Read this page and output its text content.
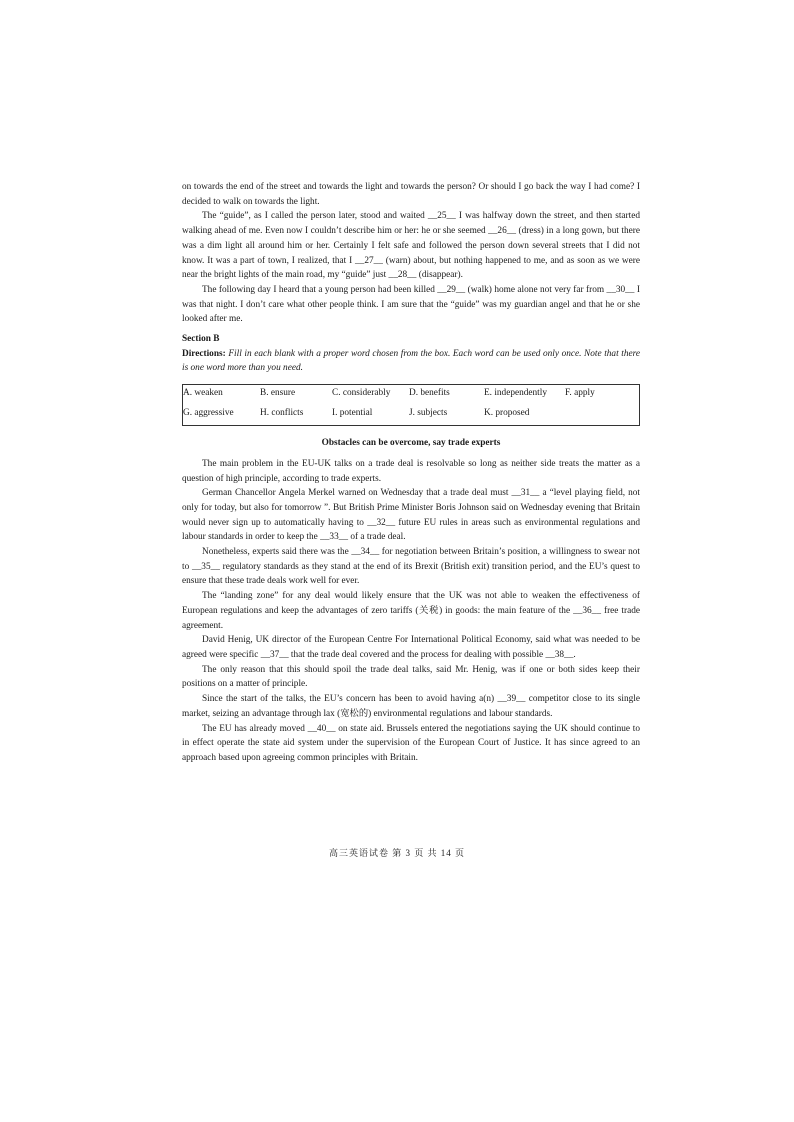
on towards the end of the street and towards the light and towards the person? Or should I go back the way I had come? I decided to walk on towards the light.

The “guide”, as I called the person later, stood and waited __25__ I was halfway down the street, and then started walking ahead of me. Even now I couldn’t describe him or her: he or she seemed __26__ (dress) in a long gown, but there was a dim light all around him or her. Certainly I felt safe and followed the person down several streets that I did not know. It was a part of town, I realized, that I __27__ (warn) about, but nothing happened to me, and as soon as we were near the bright lights of the main road, my “guide” just __28__ (disappear).

The following day I heard that a young person had been killed __29__ (walk) home alone not very far from __30__ I was that night. I don’t care what other people think. I am sure that the “guide” was my guardian angel and that he or she looked after me.

Section B

Directions: Fill in each blank with a proper word chosen from the box. Each word can be used only once. Note that there is one word more than you need.

A. weaken	B. ensure	C. considerably D. benefits	E. independently F. apply
G. aggressive	H. conflicts	I. potential	J. subjects	K. proposed

Obstacles can be overcome, say trade experts

The main problem in the EU-UK talks on a trade deal is resolvable so long as neither side treats the matter as a question of high principle, according to trade experts.

German Chancellor Angela Merkel warned on Wednesday that a trade deal must __31__ a “level playing field, not only for today, but also for tomorrow ”. But British Prime Minister Boris Johnson said on Wednesday evening that Britain would never sign up to automatically having to __32__ future EU rules in areas such as environmental regulations and labour standards in order to keep the __33__ of a trade deal.

Nonetheless, experts said there was the __34__ for negotiation between Britain’s position, a willingness to swear not to __35__ regulatory standards as they stand at the end of its Brexit (British exit) transition period, and the EU’s quest to ensure that these trade deals work well for ever.

The “landing zone” for any deal would likely ensure that the UK was not able to weaken the effectiveness of European regulations and keep the advantages of zero tariffs (关税) in goods: the main feature of the __36__ free trade agreement.

David Henig, UK director of the European Centre For International Political Economy, said what was needed to be agreed were specific __37__ that the trade deal covered and the process for dealing with possible __38__.

The only reason that this should spoil the trade deal talks, said Mr. Henig, was if one or both sides keep their positions on a matter of principle.

Since the start of the talks, the EU’s concern has been to avoid having a(n) __39__ competitor close to its single market, seizing an advantage through lax (宽松的) environmental regulations and labour standards.

The EU has already moved __40__ on state aid. Brussels entered the negotiations saying the UK should continue to in effect operate the state aid system under the supervision of the European Court of Justice. It has since agreed to an approach based upon agreeing common principles with Britain.

高三英语试卷 第 3 页 共 14 页
